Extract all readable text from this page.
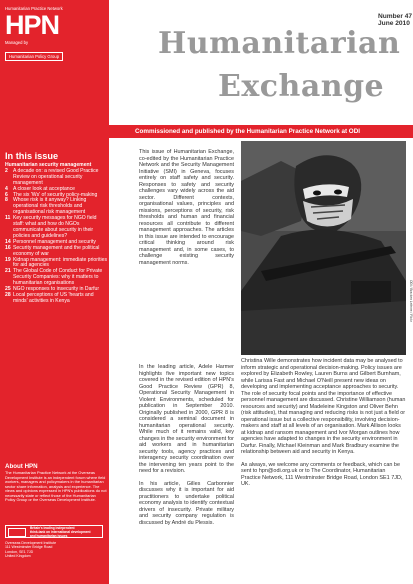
Humanitarian Practice Network
HPN
Managed by
Humanitarian Policy Group
In this issue
Humanitarian security management
2	A decade on: a revised Good Practice Review on operational security management
4	A closer look at acceptance
6	The six 'Ws' of security policy-making
8	Whose risk is it anyway? Linking operational risk thresholds and organisational risk management
11 Key security messages for NGO field staff: what and how do NGOs communicate about security in their policies and guidelines?
14 Personnel management and security
16 Security management and the political economy of war
19 Kidnap management: immediate priorities for aid agencies
21 The Global Code of Conduct for Private Security Companies: why it matters to humanitarian organisations
25 NGO responses to insecurity in Darfur
28 Local perceptions of US 'hearts and minds' activities in Kenya
About HPN
The Humanitarian Practice Network at the Overseas Development Institute is an independent forum where field workers, managers and policymakers in the humanitarian sector share information, analysis and experience. The views and opinions expressed in HPN's publications do not necessarily state or reflect those of the Humanitarian Policy Group or the Overseas Development Institute.
Britain's leading independent
think-tank on international development
and humanitarian issues
Overseas Development Institute
111 Westminster Bridge Road
London, SE1 7JD
United Kingdom
Number 47
June 2010
Humanitarian
Exchange
Commissioned and published by the Humanitarian Practice Network at ODI
ODI / Bracken Lefevre / Flickr

This issue of Humanitarian Exchange, co-edited by the Humanitarian Practice Network and the Security Management Initiative (SMI) in Geneva, focuses entirely on staff safety and security. Responses to safety and security challenges vary widely across the aid sector. Different contexts, organisational values, principles and missions, perceptions of security, risk thresholds and human and financial resources all contribute to different management approaches. The articles in this issue are intended to encourage critical thinking around risk management and, in some cases, to challenge existing security management norms.

In the leading article, Adele Harmer highlights five important new topics covered in the revised edition of HPN's Good Practice Review (GPR) 8, Operational Security Management in Violent Environments, scheduled for publication in September 2010. Originally published in 2000, GPR 8 is considered a seminal document in humanitarian operational security. While much of it remains valid, key changes in the security environment for aid workers and in humanitarian security tools, agency practices and interagency security coordination over the intervening ten years point to the need for a revision.

In his article, Gilles Carbonnier discusses why it is important for aid practitioners to undertake political economy analysis to identify contextual drivers of insecurity. Private military and security company regulation is discussed by André du Plessis.

Christina Wille demonstrates how incident data may be analysed to inform strategic and operational decision-making. Policy issues are explored by Elizabeth Rowley, Lauren Burns and Gilbert Burnham, while Larissa Fast and Michael O'Neill present new ideas on developing and implementing acceptance approaches to security. The role of security focal points and the importance of effective personnel management are discussed. Christine Williamson (human resources and security) and Madeleine Kingston and Oliver Behn (risk attitudes), that managing and reducing risks is not just a field or operational issue but a collective responsibility, involving decision-makers and staff at all levels of an organisation. Mark Allison looks at kidnap and ransom management and Ivor Morgan outlines how agencies have adapted to changes in the security environment in Darfur. Finally, Michael Kleinman and Mark Bradbury examine the relationship between aid and security in Kenya.

As always, we welcome any comments or feedback, which can be sent to hpn@odi.org.uk or to The Coordinator, Humanitarian Practice Network, 111 Westminster Bridge Road, London SE1 7JD, UK.
